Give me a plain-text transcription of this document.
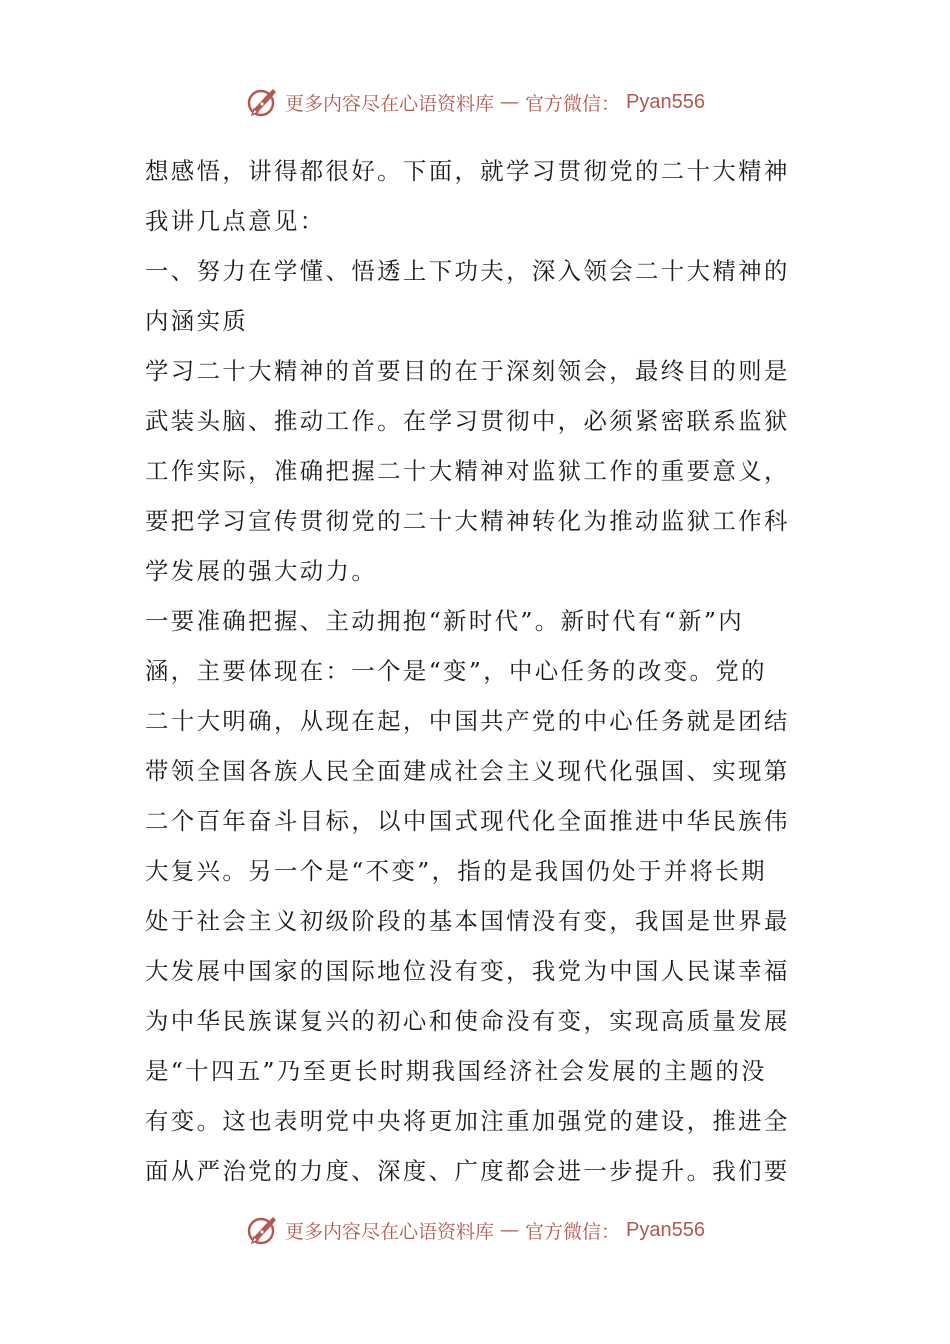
更多内容尽在心语资料库 — 官方微信： Pyan556
想感悟，讲得都很好。下面，就学习贯彻党的二十大精神
我讲几点意见：
一、努力在学懂、悟透上下功夫，深入领会二十大精神的
内涵实质
学习二十大精神的首要目的在于深刻领会，最终目的则是
武装头脑、推动工作。在学习贯彻中，必须紧密联系监狱
工作实际，准确把握二十大精神对监狱工作的重要意义，
要把学习宣传贯彻党的二十大精神转化为推动监狱工作科
学发展的强大动力。
一要准确把握、主动拥抱“新时代”。新时代有“新”内
涵，主要体现在：一个是“变”，中心任务的改变。党的
二十大明确，从现在起，中国共产党的中心任务就是团结
带领全国各族人民全面建成社会主义现代化强国、实现第
二个百年奋斗目标，以中国式现代化全面推进中华民族伟
大复兴。另一个是“不变”，指的是我国仍处于并将长期
处于社会主义初级阶段的基本国情没有变，我国是世界最
大发展中国家的国际地位没有变，我党为中国人民谋幸福
为中华民族谋复兴的初心和使命没有变，实现高质量发展
是“十四五”乃至更长时期我国经济社会发展的主题的没
有变。这也表明党中央将更加注重加强党的建设，推进全
面从严治党的力度、深度、广度都会进一步提升。我们要
更多内容尽在心语资料库 — 官方微信： Pyan556
